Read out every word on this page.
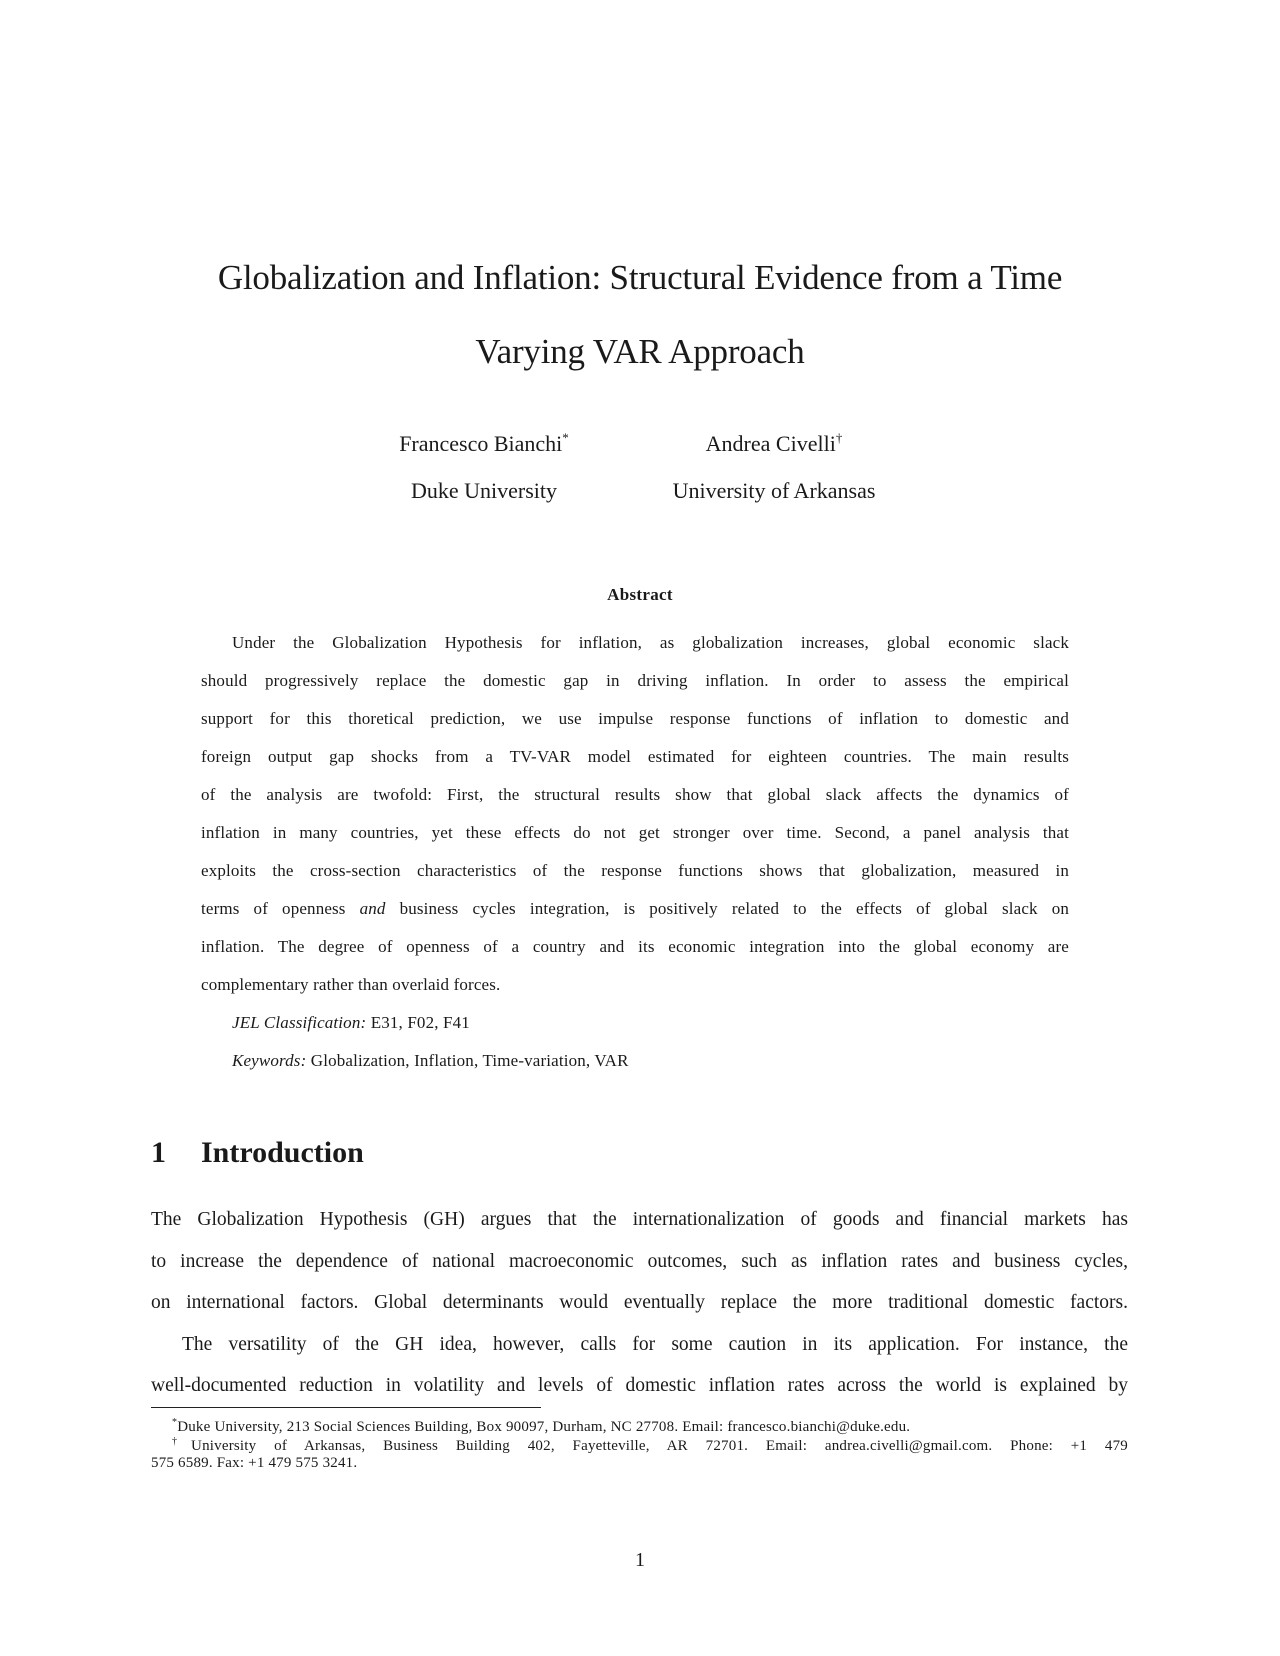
Globalization and Inflation: Structural Evidence from a Time
Varying VAR Approach
Francesco Bianchi*	Andrea Civelli†
Duke University	University of Arkansas
Abstract
Under the Globalization Hypothesis for inflation, as globalization increases, global economic slack
should progressively replace the domestic gap in driving inflation. In order to assess the empirical
support for this thoretical prediction, we use impulse response functions of inflation to domestic and
foreign output gap shocks from a TV-VAR model estimated for eighteen countries. The main results
of the analysis are twofold: First, the structural results show that global slack affects the dynamics of
inflation in many countries, yet these effects do not get stronger over time. Second, a panel analysis that
exploits the cross-section characteristics of the response functions shows that globalization, measured in
terms of openness and business cycles integration, is positively related to the effects of global slack on
inflation. The degree of openness of a country and its economic integration into the global economy are
complementary rather than overlaid forces.
JEL Classification: E31, F02, F41
Keywords: Globalization, Inflation, Time-variation, VAR
1 Introduction
The Globalization Hypothesis (GH) argues that the internationalization of goods and financial markets has
to increase the dependence of national macroeconomic outcomes, such as inflation rates and business cycles,
on international factors. Global determinants would eventually replace the more traditional domestic factors.
The versatility of the GH idea, however, calls for some caution in its application. For instance, the
well-documented reduction in volatility and levels of domestic inflation rates across the world is explained by
*Duke University, 213 Social Sciences Building, Box 90097, Durham, NC 27708. Email: francesco.bianchi@duke.edu.
†University of Arkansas, Business Building 402, Fayetteville, AR 72701. Email: andrea.civelli@gmail.com. Phone: +1 479
575 6589. Fax: +1 479 575 3241.
1
